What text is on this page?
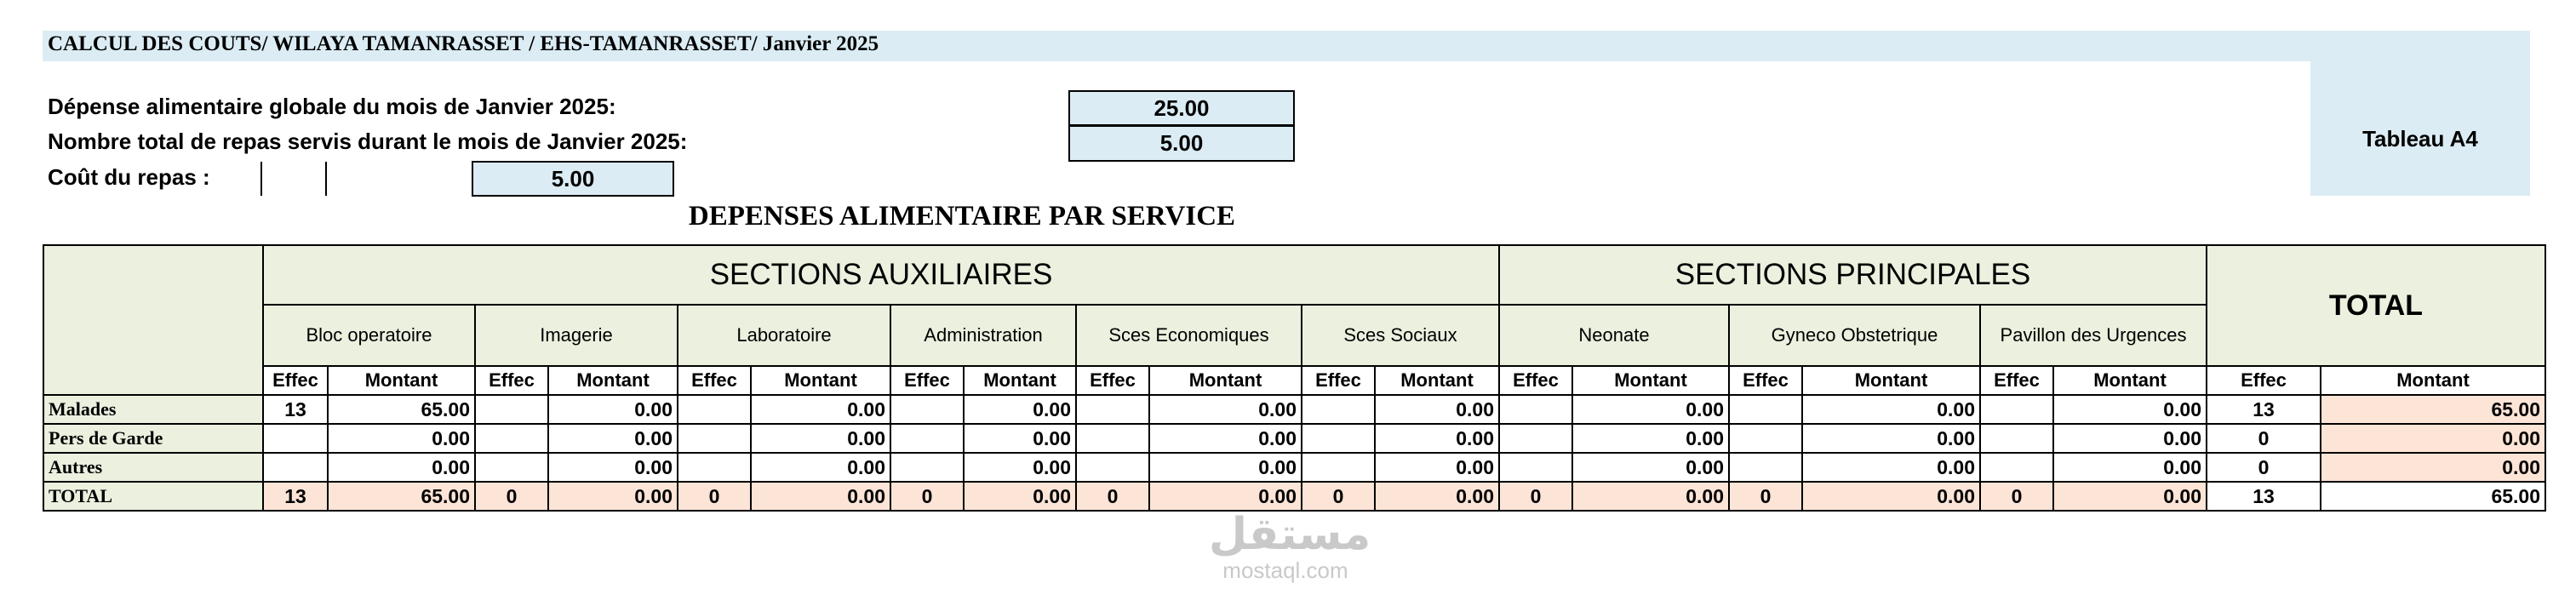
CALCUL DES COUTS/ WILAYA TAMANRASSET / EHS-TAMANRASSET/ Janvier 2025
Tableau A4
Dépense alimentaire globale du mois de Janvier 2025:	25.00
Nombre total de repas servis durant le mois de Janvier 2025:	5.00
Coût du repas :	5.00
DEPENSES ALIMENTAIRE PAR SERVICE
	SECTIONS AUXILIAIRES												SECTIONS PRINCIPALES						TOTAL	
	Bloc operatoire		Imagerie		Laboratoire		Administration		Sces Economiques		Sces Sociaux		Neonate		Gyneco Obstetrique		Pavillon des Urgences			
	Effec	Montant	Effec	Montant	Effec	Montant	Effec	Montant	Effec	Montant	Effec	Montant	Effec	Montant	Effec	Montant	Effec	Montant	Effec	Montant
Malades	13	65.00		0.00		0.00		0.00		0.00		0.00		0.00		0.00		0.00	13	65.00
Pers de Garde		0.00		0.00		0.00		0.00		0.00		0.00		0.00		0.00		0.00	0	0.00
Autres		0.00		0.00		0.00		0.00		0.00		0.00		0.00		0.00		0.00	0	0.00
TOTAL	13	65.00	0	0.00	0	0.00	0	0.00	0	0.00	0	0.00	0	0.00	0	0.00	0	0.00	13	65.00
مستقل
mostaql.com
